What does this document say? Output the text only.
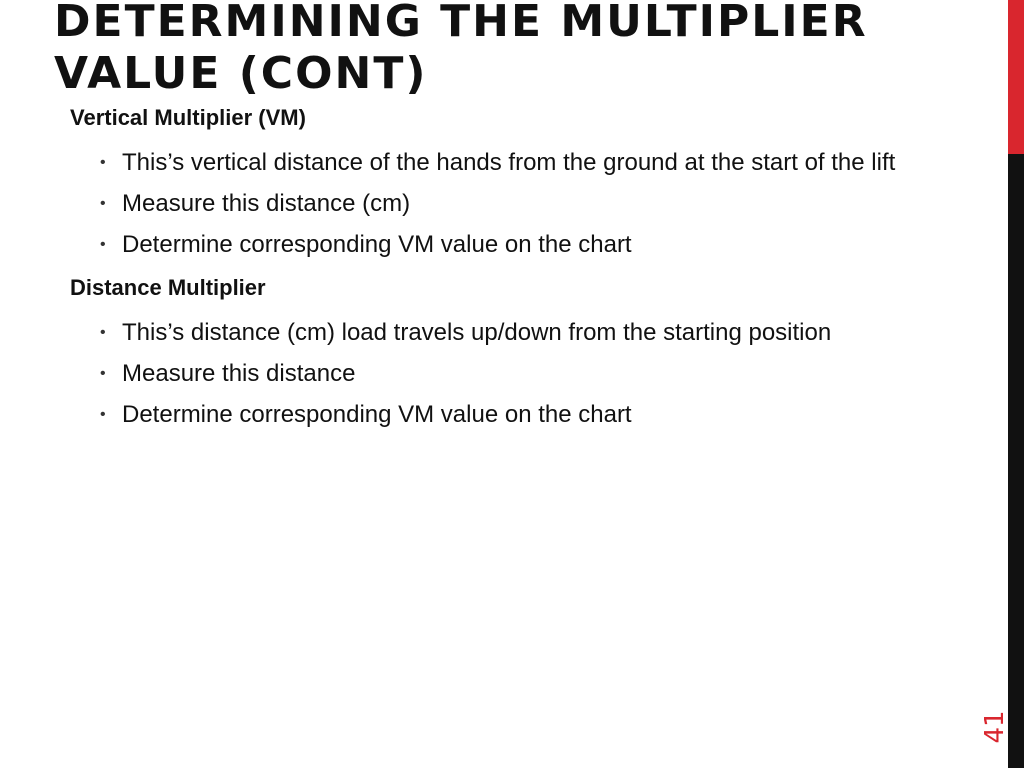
DETERMINING THE MULTIPLIER VALUE (CONT)
Vertical Multiplier (VM)
• This’s vertical distance of the hands from the ground at the start of the lift
• Measure this distance (cm)
• Determine corresponding VM value on the chart
Distance Multiplier
• This’s distance (cm) load travels up/down from the starting position
• Measure this distance
• Determine corresponding VM value on the chart
41
